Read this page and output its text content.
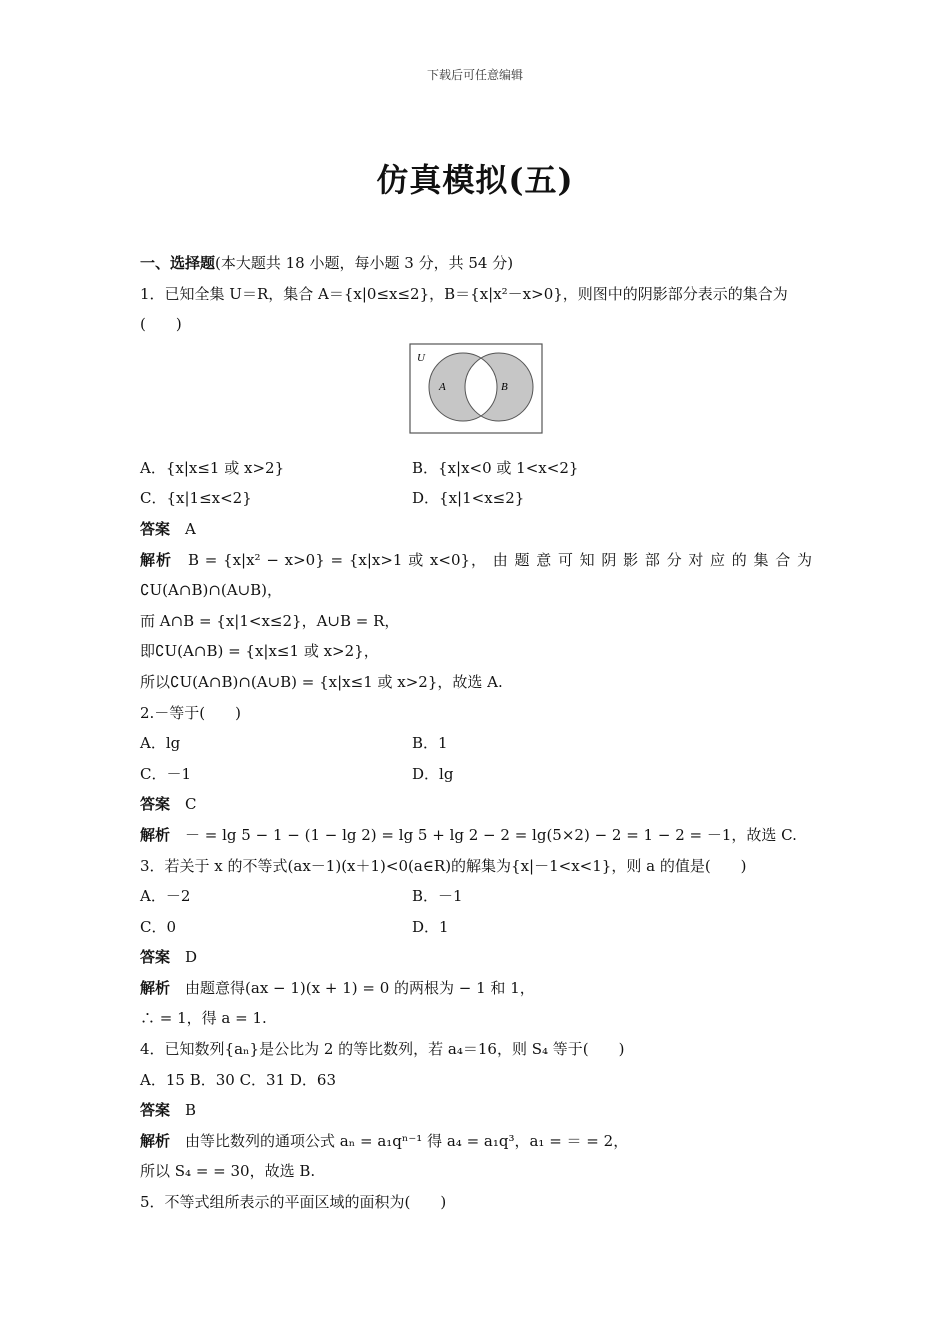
下载后可任意编辑
仿真模拟(五)
一、选择题(本大题共 18 小题，每小题 3 分，共 54 分)
1．已知全集 U＝R，集合 A＝{x|0≤x≤2}，B＝{x|x²－x>0}，则图中的阴影部分表示的集合为(　　)
U
A	B
A．{x|x≤1 或 x>2}	B．{x|x<0 或 1<x<2}
C．{x|1≤x<2}	D．{x|1<x≤2}
答案　 A
解析　 B = {x|x² − x>0} = {x|x>1 或 x<0}， 由 题 意 可 知 阴 影 部 分 对 应 的 集 合 为
∁U(A∩B)∩(A∪B)，
而 A∩B = {x|1<x≤2}，A∪B = R，
即∁U(A∩B) = {x|x≤1 或 x>2}，
所以∁U(A∩B)∩(A∪B) = {x|x≤1 或 x>2}，故选 A.
2.－等于(　　)
A．lg	B．1
C．－1	D．lg
答案　 C
解析　 － = lg 5 − 1 − (1 − lg 2) = lg 5 + lg 2 − 2 = lg(5×2) − 2 = 1 − 2 = －1，故选 C.
3．若关于 x 的不等式(ax－1)(x＋1)<0(a∈R)的解集为{x|－1<x<1}，则 a 的值是(　　)
A．－2	B．－1
C．0	D．1
答案　 D
解析　 由题意得(ax − 1)(x + 1) = 0 的两根为 − 1 和 1，
∴ = 1，得 a = 1.
4．已知数列{aₙ}是公比为 2 的等比数列，若 a₄＝16，则 S₄ 等于(　　)
A．15 B．30 C．31 D．63
答案　 B
解析　 由等比数列的通项公式 aₙ = a₁qⁿ⁻¹ 得 a₄ = a₁q³，a₁ = ＝ = 2，
所以 S₄ = = 30，故选 B.
5．不等式组所表示的平面区域的面积为(　　)
